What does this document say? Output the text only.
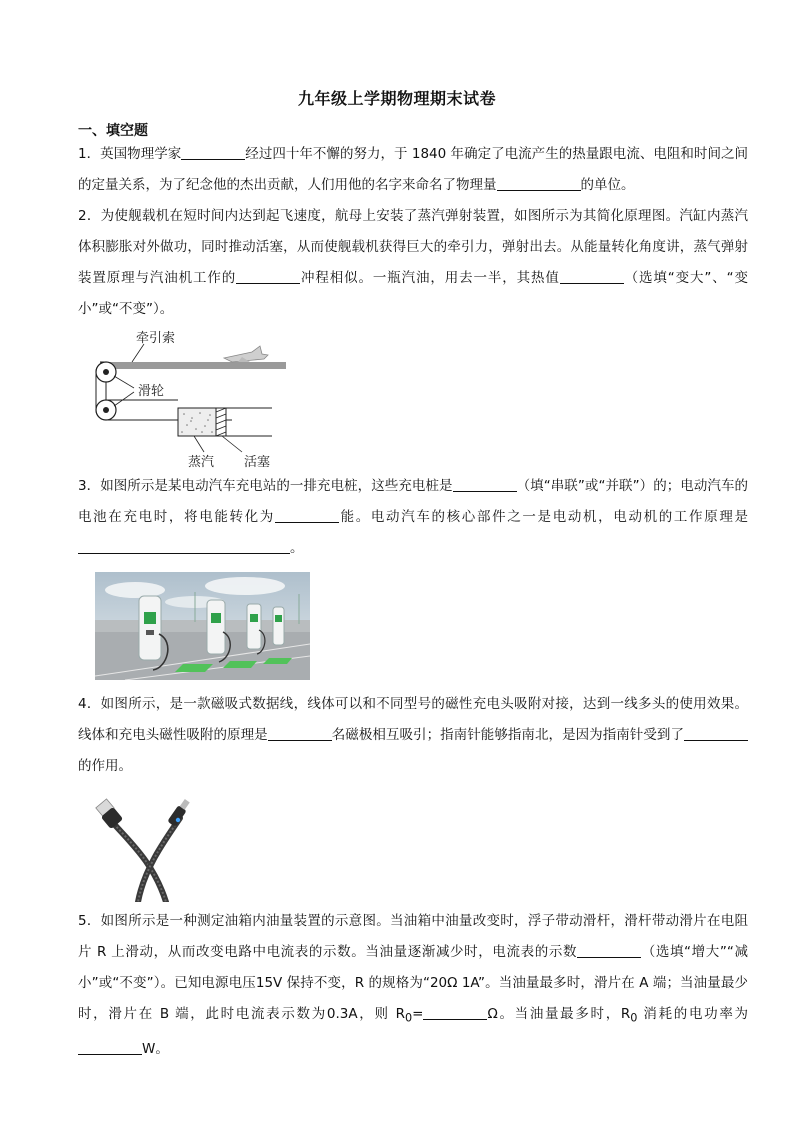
九年级上学期物理期末试卷
一、填空题
1．英国物理学家	经过四十年不懈的努力，于 1840 年确定了电流产生的热量跟电流、电阻和时间之间的定量关系，为了纪念他的杰出贡献，人们用他的名字来命名了物理量	的单位。
2．为使舰载机在短时间内达到起飞速度，航母上安装了蒸汽弹射装置，如图所示为其简化原理图。汽缸内蒸汽体积膨胀对外做功，同时推动活塞，从而使舰载机获得巨大的牵引力，弹射出去。从能量转化角度讲，蒸气弹射装置原理与汽油机工作的	冲程相似。一瓶汽油，用去一半，其热值	（选填“变大”、“变小”或“不变”）。
牵引索
滑轮
蒸汽 活塞
3．如图所示是某电动汽车充电站的一排充电桩，这些充电桩是	（填“串联”或“并联”）的；电动汽车的电池在充电时，将电能转化为	能。电动汽车的核心部件之一是电动机，电动机的工作原理是。
4．如图所示，是一款磁吸式数据线，线体可以和不同型号的磁性充电头吸附对接，达到一线多头的使用效果。线体和充电头磁性吸附的原理是	名磁极相互吸引；指南针能够指南北，是因为指南针受到了的作用。
5．如图所示是一种测定油箱内油量装置的示意图。当油箱中油量改变时，浮子带动滑杆，滑杆带动滑片在电阻片 R 上滑动，从而改变电路中电流表的示数。当油量逐渐减少时，电流表的示数	（选填“增大”“减小”或“不变”）。已知电源电压15V 保持不变，R 的规格为“20Ω 1A”。当油量最多时，滑片在 A 端；当油量最少时，滑片在 B 端，此时电流表示数为0.3A，则 $R_0=$	Ω。当油量最多时，$R_0$ 消耗的电功率为W。
